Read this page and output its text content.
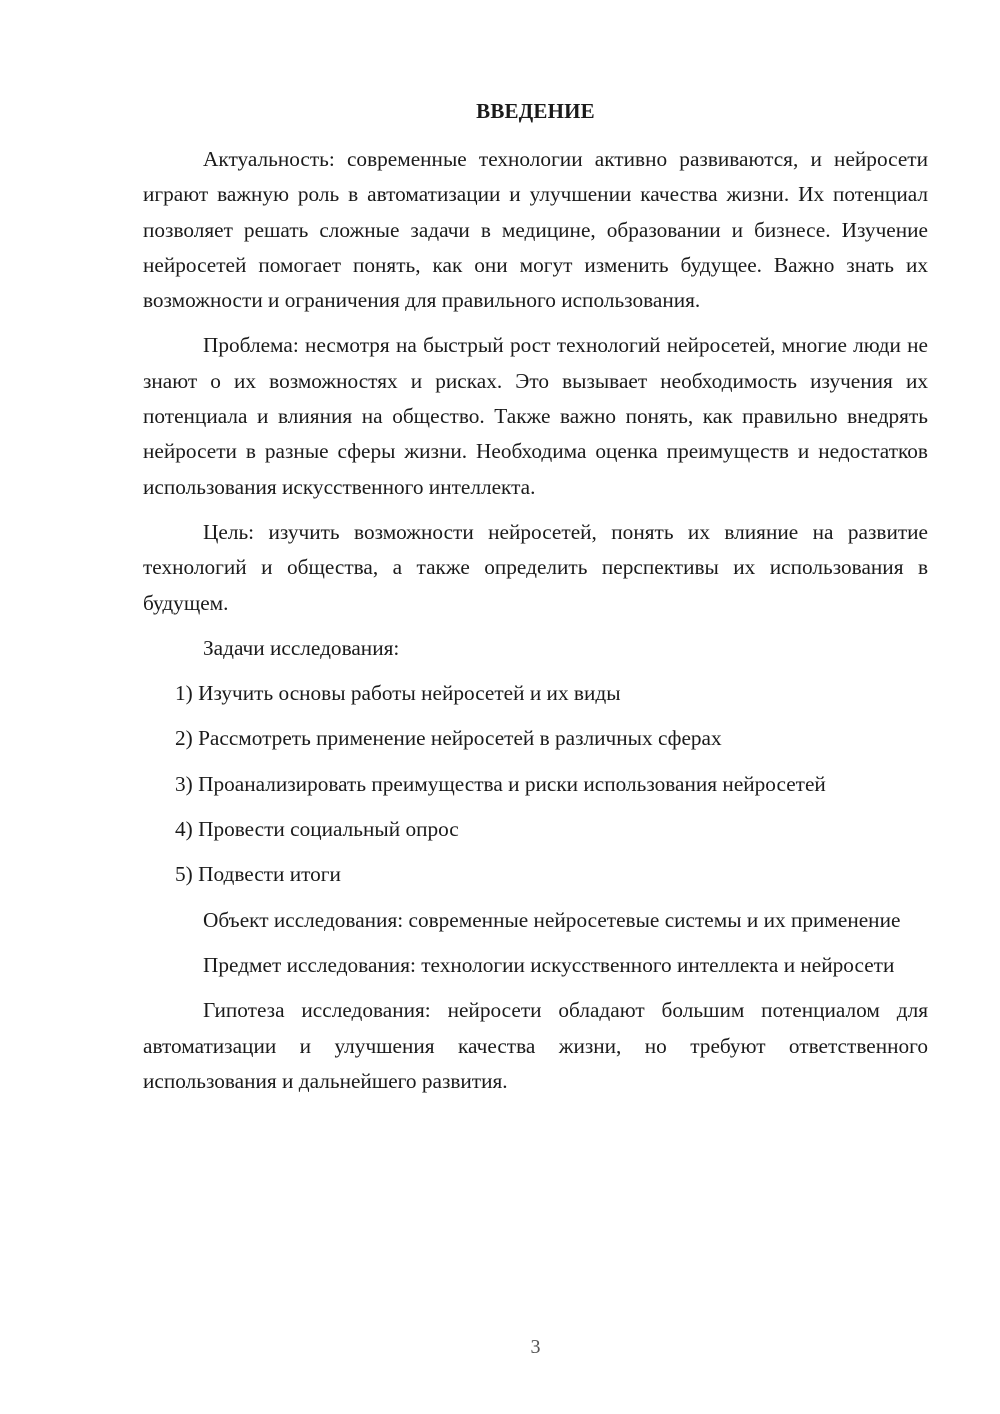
ВВЕДЕНИЕ

Актуальность: современные технологии активно развиваются, и нейросети играют важную роль в автоматизации и улучшении качества жизни. Их потенциал позволяет решать сложные задачи в медицине, образовании и бизнесе. Изучение нейросетей помогает понять, как они могут изменить будущее. Важно знать их возможности и ограничения для правильного использования.

Проблема: несмотря на быстрый рост технологий нейросетей, многие люди не знают о их возможностях и рисках. Это вызывает необходимость изучения их потенциала и влияния на общество. Также важно понять, как правильно внедрять нейросети в разные сферы жизни. Необходима оценка преимуществ и недостатков использования искусственного интеллекта.

Цель: изучить возможности нейросетей, понять их влияние на развитие технологий и общества, а также определить перспективы их использования в будущем.

Задачи исследования:

1) Изучить основы работы нейросетей и их виды

2) Рассмотреть применение нейросетей в различных сферах

3) Проанализировать преимущества и риски использования нейросетей

4) Провести социальный опрос

5) Подвести итоги

Объект исследования: современные нейросетевые системы и их применение

Предмет исследования: технологии искусственного интеллекта и нейросети

Гипотеза исследования: нейросети обладают большим потенциалом для автоматизации и улучшения качества жизни, но требуют ответственного использования и дальнейшего развития.

3
